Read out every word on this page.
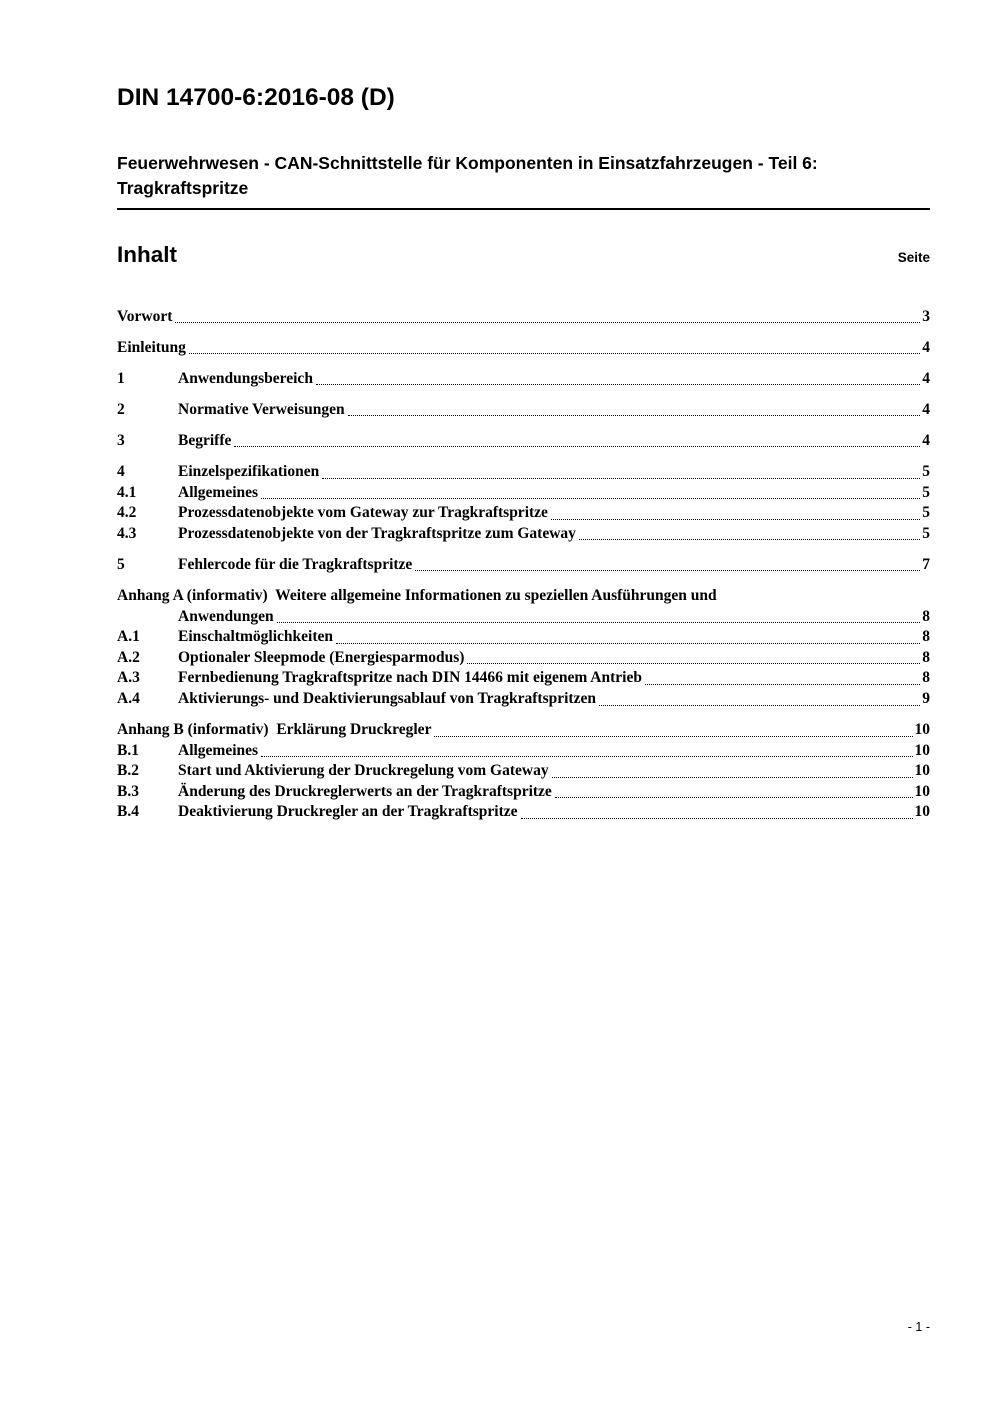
DIN 14700-6:2016-08 (D)
Feuerwehrwesen - CAN-Schnittstelle für Komponenten in Einsatzfahrzeugen - Teil 6: Tragkraftspritze
Inhalt	Seite
Vorwort	3
Einleitung	4
1	Anwendungsbereich	4
2	Normative Verweisungen	4
3	Begriffe	4
4	Einzelspezifikationen	5
4.1	Allgemeines	5
4.2	Prozessdatenobjekte vom Gateway zur Tragkraftspritze	5
4.3	Prozessdatenobjekte von der Tragkraftspritze zum Gateway	5
5	Fehlercode für die Tragkraftspritze	7
Anhang A (informativ)  Weitere allgemeine Informationen zu speziellen Ausführungen und
Anwendungen	8
A.1	Einschaltmöglichkeiten	8
A.2	Optionaler Sleepmode (Energiesparmodus)	8
A.3	Fernbedienung Tragkraftspritze nach DIN 14466 mit eigenem Antrieb	8
A.4	Aktivierungs- und Deaktivierungsablauf von Tragkraftspritzen	9
Anhang B (informativ)  Erklärung Druckregler	10
B.1	Allgemeines	10
B.2	Start und Aktivierung der Druckregelung vom Gateway	10
B.3	Änderung des Druckreglerwerts an der Tragkraftspritze	10
B.4	Deaktivierung Druckregler an der Tragkraftspritze	10
- 1 -
